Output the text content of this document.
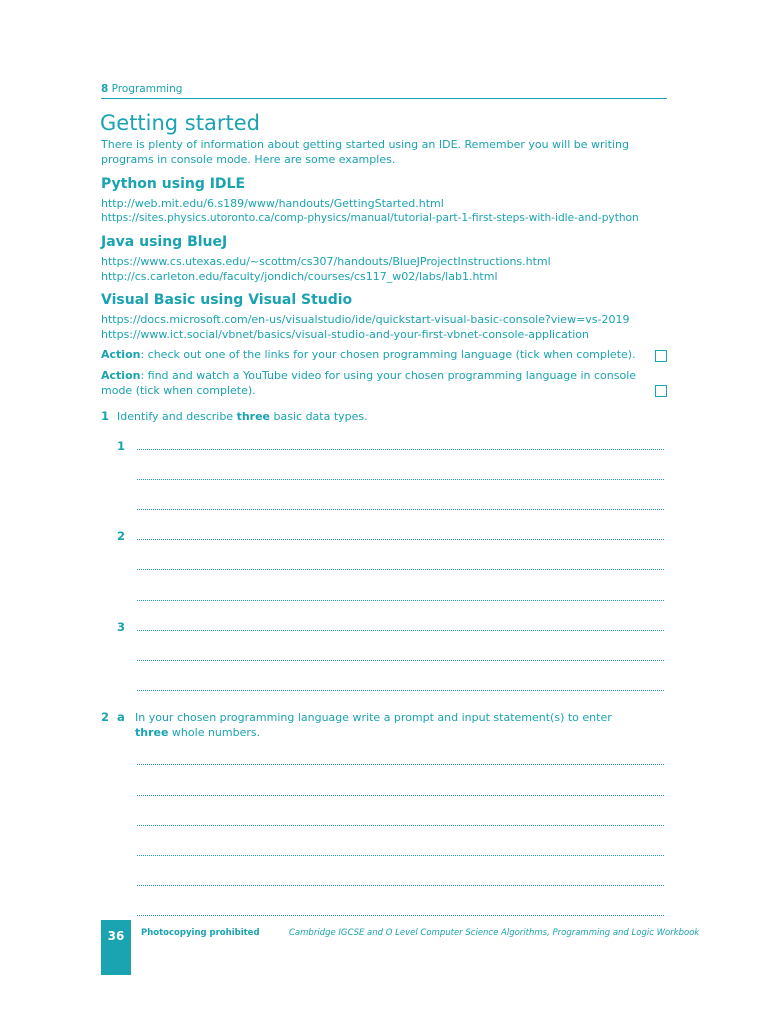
8 Programming
Getting started
There is plenty of information about getting started using an IDE. Remember you will be writing programs in console mode. Here are some examples.
Python using IDLE
http://web.mit.edu/6.s189/www/handouts/GettingStarted.html
https://sites.physics.utoronto.ca/comp-physics/manual/tutorial-part-1-first-steps-with-idle-and-python
Java using BlueJ
https://www.cs.utexas.edu/~scottm/cs307/handouts/BlueJProjectInstructions.html
http://cs.carleton.edu/faculty/jondich/courses/cs117_w02/labs/lab1.html
Visual Basic using Visual Studio
https://docs.microsoft.com/en-us/visualstudio/ide/quickstart-visual-basic-console?view=vs-2019
https://www.ict.social/vbnet/basics/visual-studio-and-your-first-vbnet-console-application
Action: check out one of the links for your chosen programming language (tick when complete).
Action: find and watch a YouTube video for using your chosen programming language in console mode (tick when complete).
1 Identify and describe three basic data types.
1
2
3
2 a In your chosen programming language write a prompt and input statement(s) to enter
three whole numbers.
36	Photocopying prohibited	Cambridge IGCSE and O Level Computer Science Algorithms, Programming and Logic Workbook
